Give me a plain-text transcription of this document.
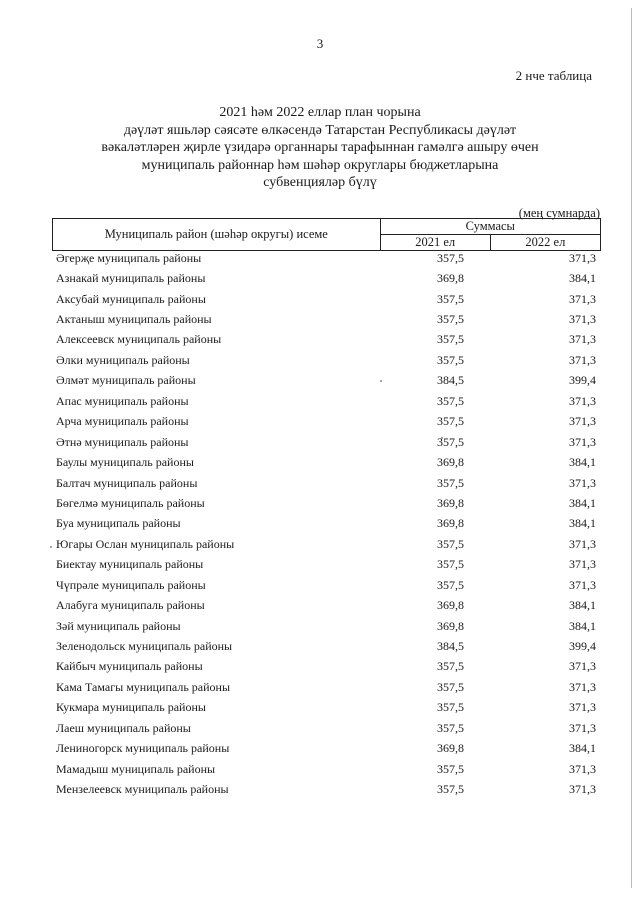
3
2 нче таблица
2021 һәм 2022 еллар план чорына
дәүләт яшьләр сәясәте өлкәсендә Татарстан Республикасы дәүләт
вәкаләтләрен җирле үзидарә органнары тарафыннан гамәлгә ашыру өчен
муниципаль районнар һәм шәһәр округлары бюджетларына
субвенцияләр бүлү
(мең сумнарда)
Муниципаль район (шәһәр округы) исеме	Суммасы	
	2021 ел	2022 ел
Әгерҗе муниципаль районы	357,5	371,3
Азнакай муниципаль районы	369,8	384,1
Аксубай муниципаль районы	357,5	371,3
Актаныш муниципаль районы	357,5	371,3
Алексеевск муниципаль районы	357,5	371,3
Әлки муниципаль районы	357,5	371,3
Әлмәт муниципаль районы	384,5	399,4
Апас муниципаль районы	357,5	371,3
Арча муниципаль районы	357,5	371,3
Әтнә муниципаль районы	357,5	371,3
Баулы муниципаль районы	369,8	384,1
Балтач муниципаль районы	357,5	371,3
Бөгелмә муниципаль районы	369,8	384,1
Буа муниципаль районы	369,8	384,1
Югары Ослан муниципаль районы	357,5	371,3
Биектау муниципаль районы	357,5	371,3
Чүпрәле муниципаль районы	357,5	371,3
Алабуга муниципаль районы	369,8	384,1
Зәй муниципаль районы	369,8	384,1
Зеленодольск муниципаль районы	384,5	399,4
Кайбыч муниципаль районы	357,5	371,3
Кама Тамагы муниципаль районы	357,5	371,3
Кукмара муниципаль районы	357,5	371,3
Лаеш муниципаль районы	357,5	371,3
Лениногорск муниципаль районы	369,8	384,1
Мамадыш муниципаль районы	357,5	371,3
Мензелеевск муниципаль районы	357,5	371,3
